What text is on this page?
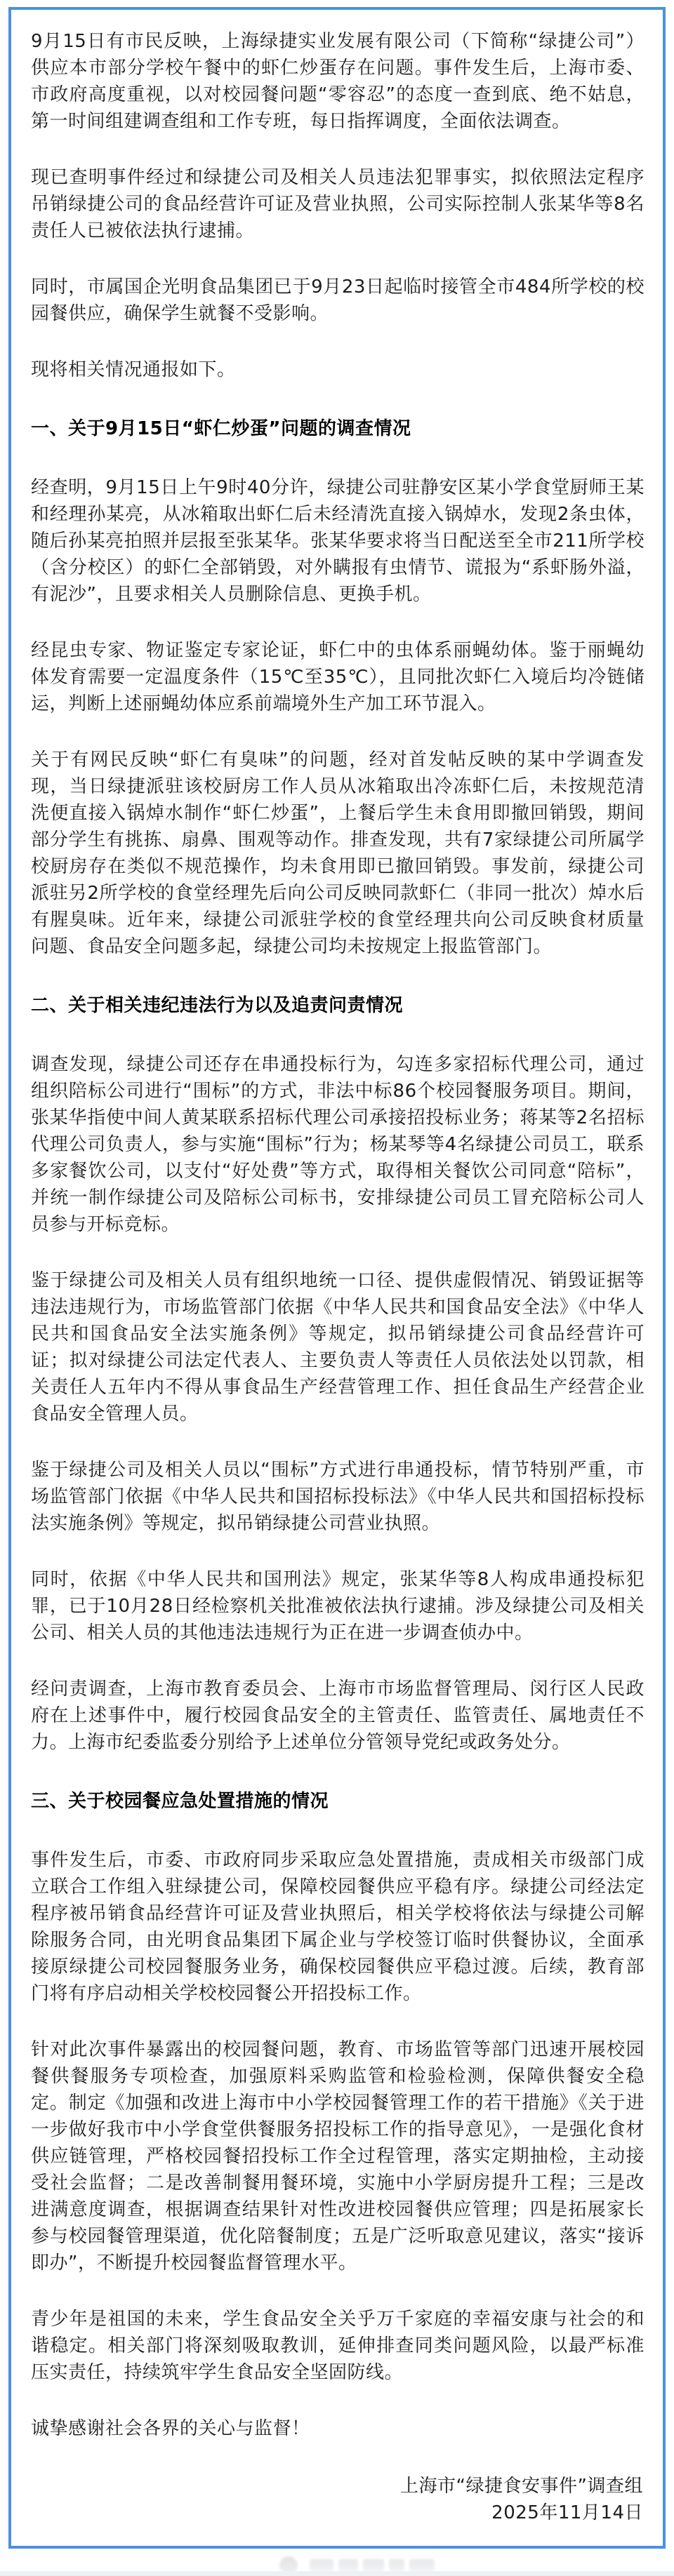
9月15日有市民反映，上海绿捷实业发展有限公司（下简称“绿捷公司”）供应本市部分学校午餐中的虾仁炒蛋存在问题。事件发生后，上海市委、市政府高度重视，以对校园餐问题“零容忍”的态度一查到底、绝不姑息，第一时间组建调查组和工作专班，每日指挥调度，全面依法调查。

现已查明事件经过和绿捷公司及相关人员违法犯罪事实，拟依照法定程序吊销绿捷公司的食品经营许可证及营业执照，公司实际控制人张某华等8名责任人已被依法执行逮捕。

同时，市属国企光明食品集团已于9月23日起临时接管全市484所学校的校园餐供应，确保学生就餐不受影响。

现将相关情况通报如下。

一、关于9月15日“虾仁炒蛋”问题的调查情况

经查明，9月15日上午9时40分许，绿捷公司驻静安区某小学食堂厨师王某和经理孙某亮，从冰箱取出虾仁后未经清洗直接入锅焯水，发现2条虫体，随后孙某亮拍照并层报至张某华。张某华要求将当日配送至全市211所学校（含分校区）的虾仁全部销毁，对外瞒报有虫情节、谎报为“系虾肠外溢，有泥沙”，且要求相关人员删除信息、更换手机。

经昆虫专家、物证鉴定专家论证，虾仁中的虫体系丽蝇幼体。鉴于丽蝇幼体发育需要一定温度条件（15℃至35℃），且同批次虾仁入境后均冷链储运，判断上述丽蝇幼体应系前端境外生产加工环节混入。

关于有网民反映“虾仁有臭味”的问题，经对首发帖反映的某中学调查发现，当日绿捷派驻该校厨房工作人员从冰箱取出冷冻虾仁后，未按规范清洗便直接入锅焯水制作“虾仁炒蛋”，上餐后学生未食用即撤回销毁，期间部分学生有挑拣、扇鼻、围观等动作。排查发现，共有7家绿捷公司所属学校厨房存在类似不规范操作，均未食用即已撤回销毁。事发前，绿捷公司派驻另2所学校的食堂经理先后向公司反映同款虾仁（非同一批次）焯水后有腥臭味。近年来，绿捷公司派驻学校的食堂经理共向公司反映食材质量问题、食品安全问题多起，绿捷公司均未按规定上报监管部门。

二、关于相关违纪违法行为以及追责问责情况

调查发现，绿捷公司还存在串通投标行为，勾连多家招标代理公司，通过组织陪标公司进行“围标”的方式，非法中标86个校园餐服务项目。期间，张某华指使中间人黄某联系招标代理公司承接招投标业务；蒋某等2名招标代理公司负责人，参与实施“围标”行为；杨某琴等4名绿捷公司员工，联系多家餐饮公司，以支付“好处费”等方式，取得相关餐饮公司同意“陪标”，并统一制作绿捷公司及陪标公司标书，安排绿捷公司员工冒充陪标公司人员参与开标竞标。

鉴于绿捷公司及相关人员有组织地统一口径、提供虚假情况、销毁证据等违法违规行为，市场监管部门依据《中华人民共和国食品安全法》《中华人民共和国食品安全法实施条例》等规定，拟吊销绿捷公司食品经营许可证；拟对绿捷公司法定代表人、主要负责人等责任人员依法处以罚款，相关责任人五年内不得从事食品生产经营管理工作、担任食品生产经营企业食品安全管理人员。

鉴于绿捷公司及相关人员以“围标”方式进行串通投标，情节特别严重，市场监管部门依据《中华人民共和国招标投标法》《中华人民共和国招标投标法实施条例》等规定，拟吊销绿捷公司营业执照。

同时，依据《中华人民共和国刑法》规定，张某华等8人构成串通投标犯罪，已于10月28日经检察机关批准被依法执行逮捕。涉及绿捷公司及相关公司、相关人员的其他违法违规行为正在进一步调查侦办中。

经问责调查，上海市教育委员会、上海市市场监督管理局、闵行区人民政府在上述事件中，履行校园食品安全的主管责任、监管责任、属地责任不力。上海市纪委监委分别给予上述单位分管领导党纪或政务处分。

三、关于校园餐应急处置措施的情况

事件发生后，市委、市政府同步采取应急处置措施，责成相关市级部门成立联合工作组入驻绿捷公司，保障校园餐供应平稳有序。绿捷公司经法定程序被吊销食品经营许可证及营业执照后，相关学校将依法与绿捷公司解除服务合同，由光明食品集团下属企业与学校签订临时供餐协议，全面承接原绿捷公司校园餐服务业务，确保校园餐供应平稳过渡。后续，教育部门将有序启动相关学校校园餐公开招投标工作。

针对此次事件暴露出的校园餐问题，教育、市场监管等部门迅速开展校园餐供餐服务专项检查，加强原料采购监管和检验检测，保障供餐安全稳定。制定《加强和改进上海市中小学校园餐管理工作的若干措施》《关于进一步做好我市中小学食堂供餐服务招投标工作的指导意见》，一是强化食材供应链管理，严格校园餐招投标工作全过程管理，落实定期抽检，主动接受社会监督；二是改善制餐用餐环境，实施中小学厨房提升工程；三是改进满意度调查，根据调查结果针对性改进校园餐供应管理；四是拓展家长参与校园餐管理渠道，优化陪餐制度；五是广泛听取意见建议，落实“接诉即办”，不断提升校园餐监督管理水平。

青少年是祖国的未来，学生食品安全关乎万千家庭的幸福安康与社会的和谐稳定。相关部门将深刻吸取教训，延伸排查同类问题风险，以最严标准压实责任，持续筑牢学生食品安全坚固防线。

诚挚感谢社会各界的关心与监督！

上海市“绿捷食安事件”调查组

2025年11月14日
